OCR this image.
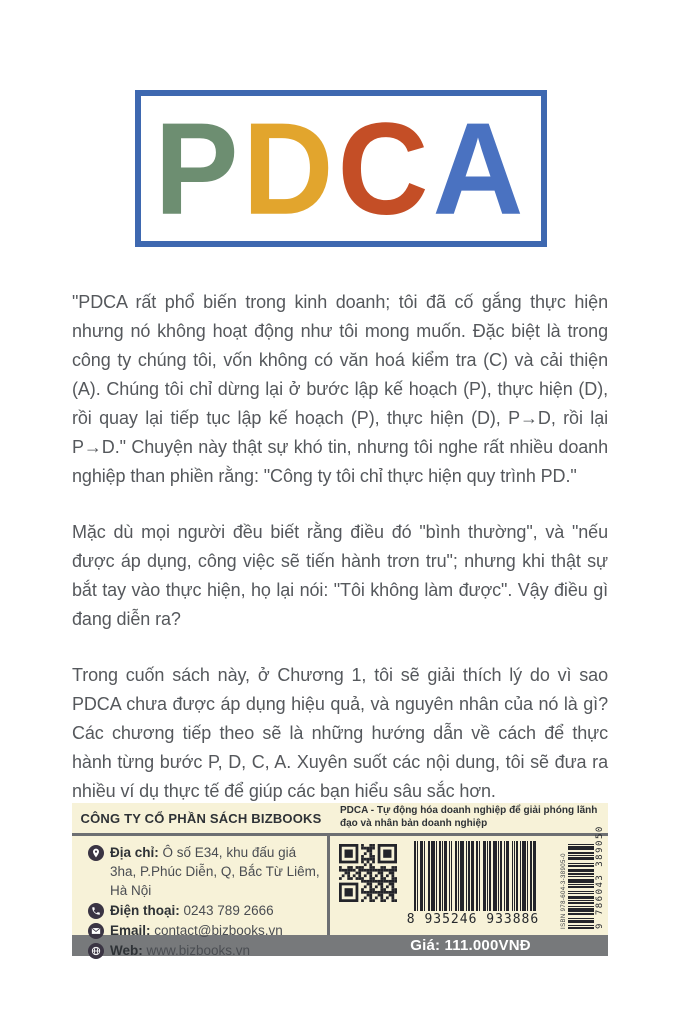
PDCA

"PDCA rất phổ biến trong kinh doanh; tôi đã cố gắng thực hiện nhưng nó không hoạt động như tôi mong muốn. Đặc biệt là trong công ty chúng tôi, vốn không có văn hoá kiểm tra (C) và cải thiện (A). Chúng tôi chỉ dừng lại ở bước lập kế hoạch (P), thực hiện (D), rồi quay lại tiếp tục lập kế hoạch (P), thực hiện (D), P→D, rồi lại P→D." Chuyện này thật sự khó tin, nhưng tôi nghe rất nhiều doanh nghiệp than phiền rằng: "Công ty tôi chỉ thực hiện quy trình PD."

Mặc dù mọi người đều biết rằng điều đó "bình thường", và "nếu được áp dụng, công việc sẽ tiến hành trơn tru"; nhưng khi thật sự bắt tay vào thực hiện, họ lại nói: "Tôi không làm được". Vậy điều gì đang diễn ra?

Trong cuốn sách này, ở Chương 1, tôi sẽ giải thích lý do vì sao PDCA chưa được áp dụng hiệu quả, và nguyên nhân của nó là gì? Các chương tiếp theo sẽ là những hướng dẫn về cách để thực hành từng bước P, D, C, A. Xuyên suốt các nội dung, tôi sẽ đưa ra nhiều ví dụ thực tế để giúp các bạn hiểu sâu sắc hơn.

CÔNG TY CỔ PHẦN SÁCH BIZBOOKS PDCA - Tự động hóa doanh nghiệp để giải phóng lãnh đạo và nhân bản doanh nghiệp
Địa chỉ: Ô số E34, khu đấu giá 3ha, P.Phúc Diễn, Q, Bắc Từ Liêm, Hà Nội
Điện thoại: 0243 789 2666
Email: contact@bizbooks.vn
Web: www.bizbooks.vn
8 935246 933886	ISBN 978-604-3-38905-0	9 786043 389050
Giá: 111.000VNĐ
